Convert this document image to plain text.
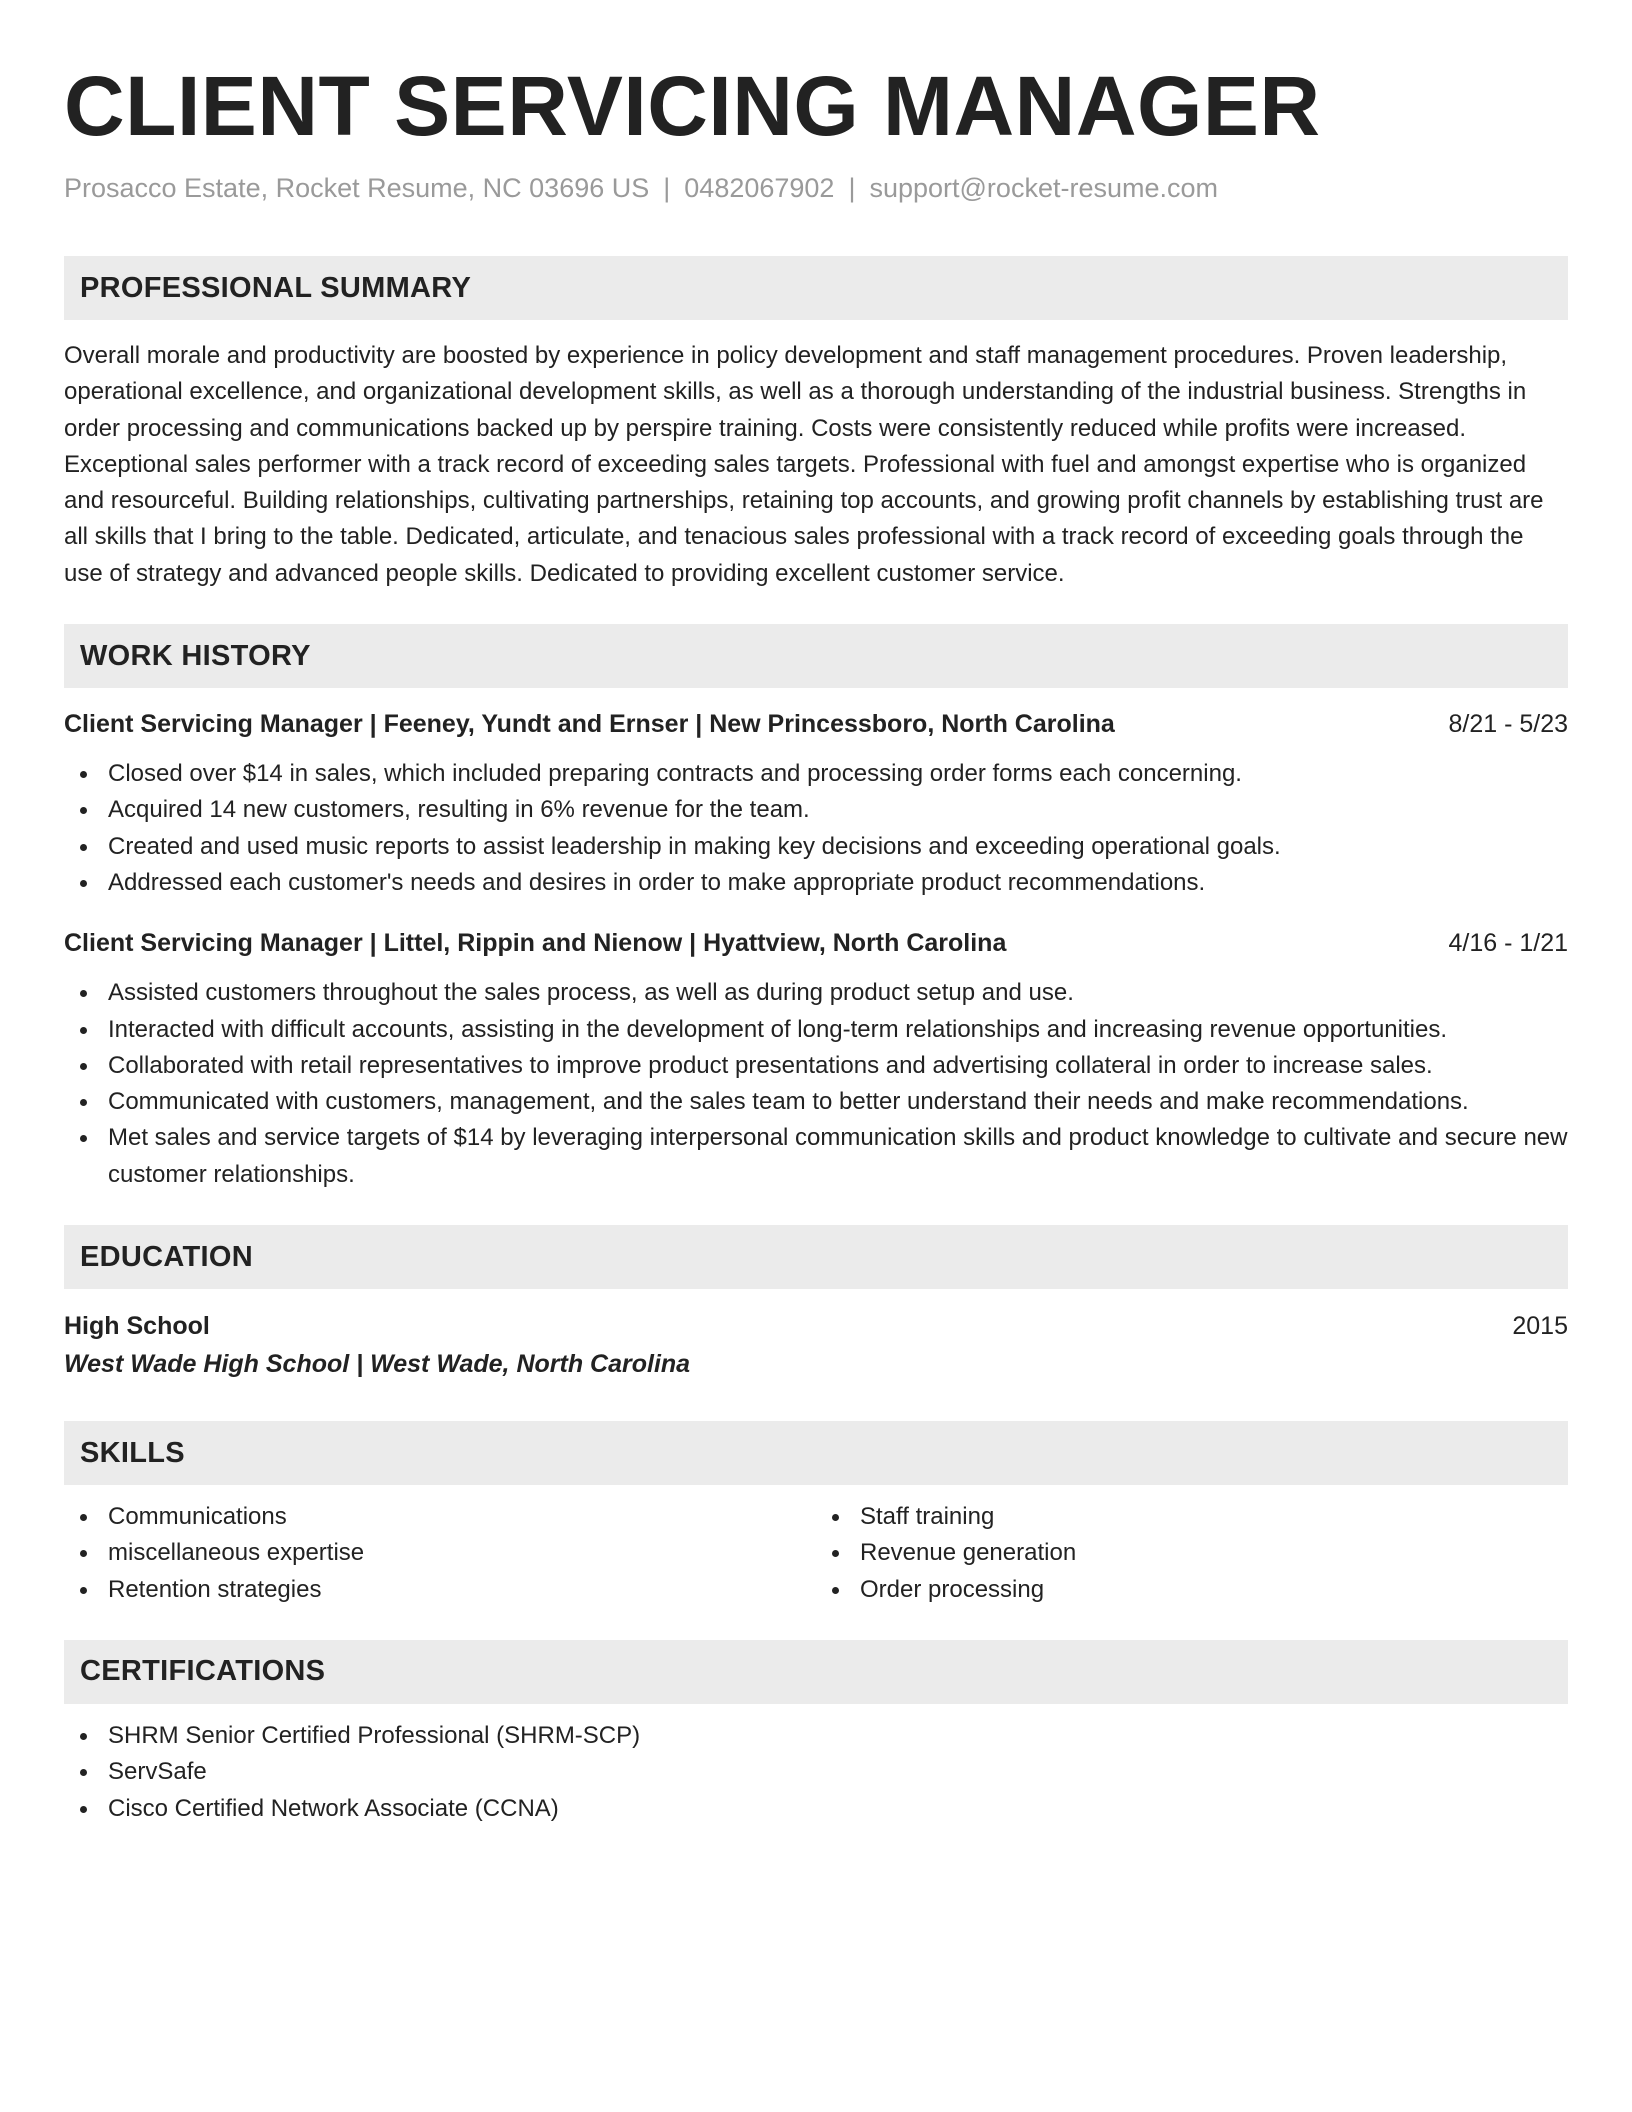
CLIENT SERVICING MANAGER
Prosacco Estate, Rocket Resume, NC 03696 US | 0482067902 | support@rocket-resume.com
PROFESSIONAL SUMMARY

Overall morale and productivity are boosted by experience in policy development and staff management procedures. Proven leadership, operational excellence, and organizational development skills, as well as a thorough understanding of the industrial business. Strengths in order processing and communications backed up by perspire training. Costs were consistently reduced while profits were increased. Exceptional sales performer with a track record of exceeding sales targets. Professional with fuel and amongst expertise who is organized and resourceful. Building relationships, cultivating partnerships, retaining top accounts, and growing profit channels by establishing trust are all skills that I bring to the table. Dedicated, articulate, and tenacious sales professional with a track record of exceeding goals through the use of strategy and advanced people skills. Dedicated to providing excellent customer service.

WORK HISTORY
Client Servicing Manager | Feeney, Yundt and Ernser | New Princessboro, North Carolina	8/21 - 5/23
Closed over $14 in sales, which included preparing contracts and processing order forms each concerning.
Acquired 14 new customers, resulting in 6% revenue for the team.
Created and used music reports to assist leadership in making key decisions and exceeding operational goals.
Addressed each customer's needs and desires in order to make appropriate product recommendations.
Client Servicing Manager | Littel, Rippin and Nienow | Hyattview, North Carolina	4/16 - 1/21
Assisted customers throughout the sales process, as well as during product setup and use.
Interacted with difficult accounts, assisting in the development of long-term relationships and increasing revenue opportunities.
Collaborated with retail representatives to improve product presentations and advertising collateral in order to increase sales.
Communicated with customers, management, and the sales team to better understand their needs and make recommendations.
Met sales and service targets of $14 by leveraging interpersonal communication skills and product knowledge to cultivate and secure new customer relationships.
EDUCATION
High School	2015
West Wade High School | West Wade, North Carolina
SKILLS
Communications
miscellaneous expertise
Retention strategies
Staff training
Revenue generation
Order processing
CERTIFICATIONS
SHRM Senior Certified Professional (SHRM-SCP)
ServSafe
Cisco Certified Network Associate (CCNA)
